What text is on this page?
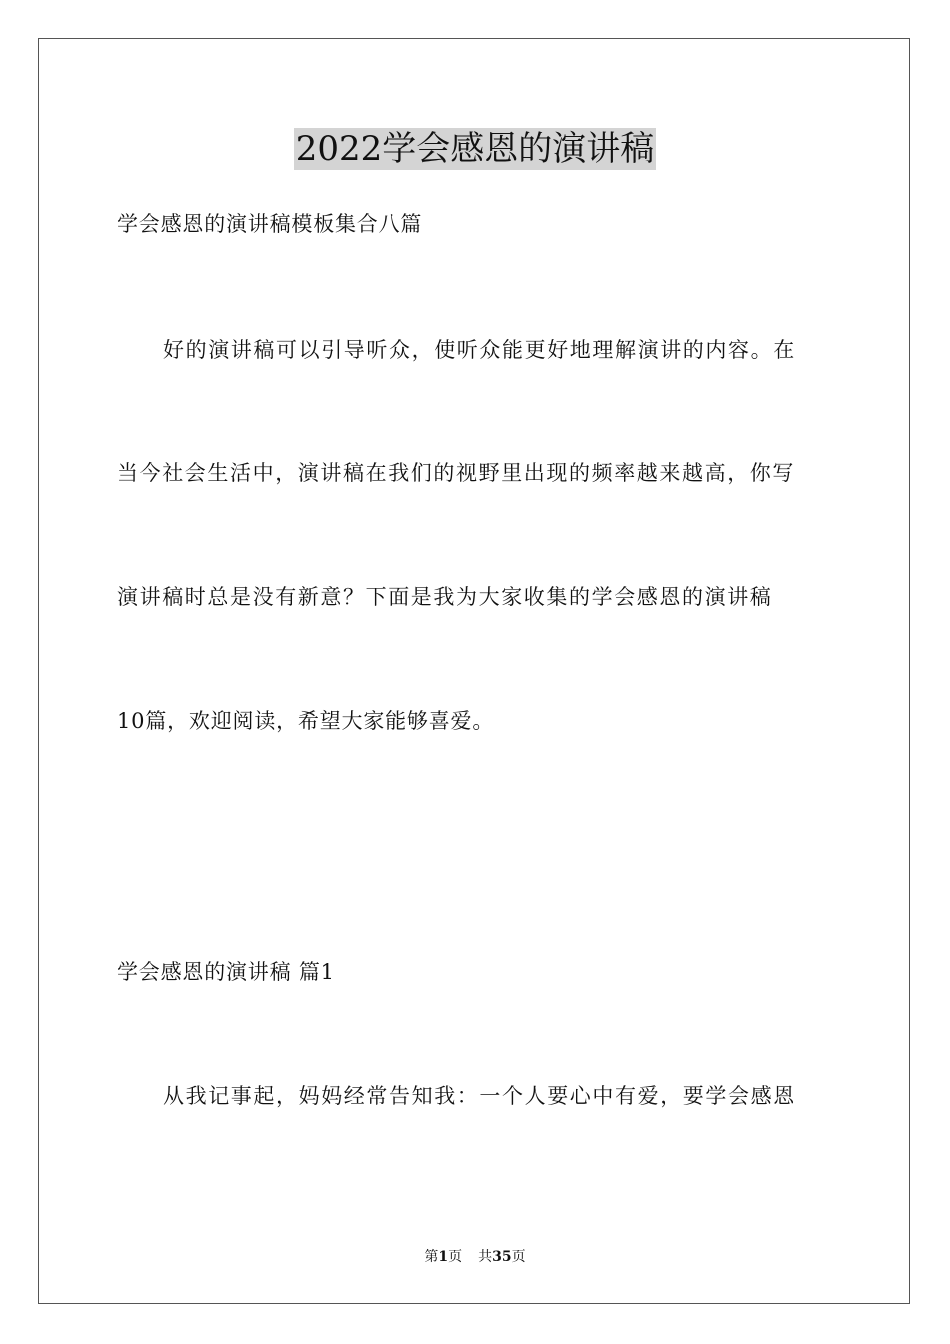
2022学会感恩的演讲稿
学会感恩的演讲稿模板集合八篇
好的演讲稿可以引导听众，使听众能更好地理解演讲的内容。在
当今社会生活中，演讲稿在我们的视野里出现的频率越来越高，你写
演讲稿时总是没有新意？下面是我为大家收集的学会感恩的演讲稿
10篇，欢迎阅读，希望大家能够喜爱。
学会感恩的演讲稿 篇1
从我记事起，妈妈经常告知我：一个人要心中有爱，要学会感恩
第1页 共35页
